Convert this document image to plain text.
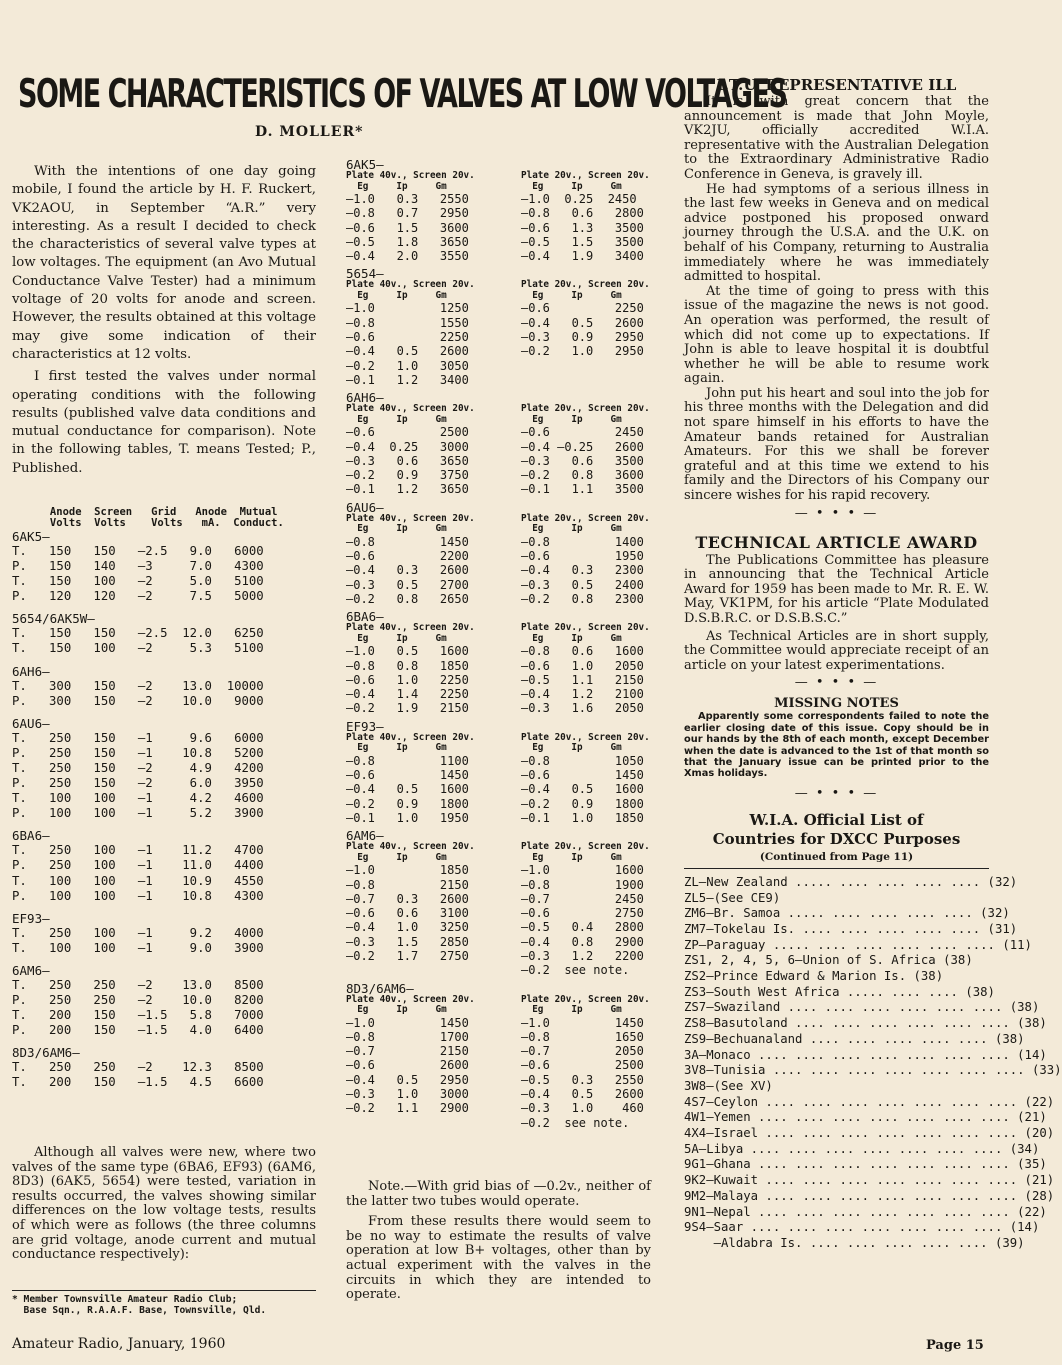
SOME CHARACTERISTICS OF VALVES AT LOW VOLTAGES
D. MOLLER*

With the intentions of one day going mobile, I found the article by H. F. Ruckert, VK2AOU, in September “A.R.” very interesting. As a result I decided to check the characteristics of several valve types at low voltages. The equipment (an Avo Mutual Conductance Valve Tester) had a minimum voltage of 20 volts for anode and screen. However, the results obtained at this voltage may give some indication of their characteristics at 12 volts.

I first tested the valves under normal operating conditions with the following results (published valve data conditions and mutual conductance for comparison). Note in the following tables, T. means Tested; P., Published.

Anode  Screen   Grid   Anode  Mutual
Volts  Volts    Volts   mA.  Conduct.
6AK5—
T.   150   150   —2.5   9.0   6000
P.   150   140   —3     7.0   4300
T.   150   100   —2     5.0   5100
P.   120   120   —2     7.5   5000
5654/6AK5W—
T.   150   150   —2.5  12.0   6250
T.   150   100   —2     5.3   5100
6AH6—
T.   300   150   —2    13.0  10000
P.   300   150   —2    10.0   9000
6AU6—
T.   250   150   —1     9.6   6000
P.   250   150   —1    10.8   5200
T.   250   150   —2     4.9   4200
P.   250   150   —2     6.0   3950
T.   100   100   —1     4.2   4600
P.   100   100   —1     5.2   3900
6BA6—
T.   250   100   —1    11.2   4700
P.   250   100   —1    11.0   4400
T.   100   100   —1    10.9   4550
P.   100   100   —1    10.8   4300
EF93—
T.   250   100   —1     9.2   4000
T.   100   100   —1     9.0   3900
6AM6—
T.   250   250   —2    13.0   8500
P.   250   250   —2    10.0   8200
T.   200   150   —1.5   5.8   7000
P.   200   150   —1.5   4.0   6400
8D3/6AM6—
T.   250   250   —2    12.3   8500
T.   200   150   —1.5   4.5   6600

Although all valves were new, where two valves of the same type (6BA6, EF93) (6AM6, 8D3) (6AK5, 5654) were tested, variation in results occurred, the valves showing similar differences on the low voltage tests, results of which were as follows (the three columns are grid voltage, anode current and mutual conductance respectively):

* Member Townsville Amateur Radio Club;
Base Sqn., R.A.A.F. Base, Townsville, Qld.
6AK5—
Plate 40v., Screen 20v.
Eg     Ip     Gm
—1.0   0.3   2550
—0.8   0.7   2950
—0.6   1.5   3600
—0.5   1.8   3650
—0.4   2.0   3550
Plate 20v., Screen 20v.
Eg     Ip     Gm
—1.0  0.25  2450
—0.8   0.6   2800
—0.6   1.3   3500
—0.5   1.5   3500
—0.4   1.9   3400
5654—
Plate 40v., Screen 20v.
Eg     Ip     Gm
—1.0         1250
—0.8         1550
—0.6         2250
—0.4   0.5   2600
—0.2   1.0   3050
—0.1   1.2   3400
Plate 20v., Screen 20v.
Eg     Ip     Gm
—0.6         2250
—0.4   0.5   2600
—0.3   0.9   2950
—0.2   1.0   2950
6AH6—
Plate 40v., Screen 20v.
Eg     Ip     Gm
—0.6         2500
—0.4  0.25   3000
—0.3   0.6   3650
—0.2   0.9   3750
—0.1   1.2   3650
Plate 20v., Screen 20v.
Eg     Ip     Gm
—0.6         2450
—0.4 —0.25   2600
—0.3   0.6   3500
—0.2   0.8   3600
—0.1   1.1   3500
6AU6—
Plate 40v., Screen 20v.
Eg     Ip     Gm
—0.8         1450
—0.6         2200
—0.4   0.3   2600
—0.3   0.5   2700
—0.2   0.8   2650
Plate 20v., Screen 20v.
Eg     Ip     Gm
—0.8         1400
—0.6         1950
—0.4   0.3   2300
—0.3   0.5   2400
—0.2   0.8   2300
6BA6—
Plate 40v., Screen 20v.
Eg     Ip     Gm
—1.0   0.5   1600
—0.8   0.8   1850
—0.6   1.0   2250
—0.4   1.4   2250
—0.2   1.9   2150
Plate 20v., Screen 20v.
Eg     Ip     Gm
—0.8   0.6   1600
—0.6   1.0   2050
—0.5   1.1   2150
—0.4   1.2   2100
—0.3   1.6   2050
EF93—
Plate 40v., Screen 20v.
Eg     Ip     Gm
—0.8         1100
—0.6         1450
—0.4   0.5   1600
—0.2   0.9   1800
—0.1   1.0   1950
Plate 20v., Screen 20v.
Eg     Ip     Gm
—0.8         1050
—0.6         1450
—0.4   0.5   1600
—0.2   0.9   1800
—0.1   1.0   1850
6AM6—
Plate 40v., Screen 20v.
Eg     Ip     Gm
—1.0         1850
—0.8         2150
—0.7   0.3   2600
—0.6   0.6   3100
—0.4   1.0   3250
—0.3   1.5   2850
—0.2   1.7   2750
Plate 20v., Screen 20v.
Eg     Ip     Gm
—1.0         1600
—0.8         1900
—0.7         2450
—0.6         2750
—0.5   0.4   2800
—0.4   0.8   2900
—0.3   1.2   2200
—0.2  see note.
8D3/6AM6—
Plate 40v., Screen 20v.
Eg     Ip     Gm
—1.0         1450
—0.8         1700
—0.7         2150
—0.6         2600
—0.4   0.5   2950
—0.3   1.0   3000
—0.2   1.1   2900
Plate 20v., Screen 20v.
Eg     Ip     Gm
—1.0         1450
—0.8         1650
—0.7         2050
—0.6         2500
—0.5   0.3   2550
—0.4   0.5   2600
—0.3   1.0    460
—0.2  see note.

Note.—With grid bias of —0.2v., neither of the latter two tubes would operate.

From these results there would seem to be no way to estimate the results of valve operation at low B+ voltages, other than by actual experiment with the valves in the circuits in which they are intended to operate.

I.T.U. REPRESENTATIVE ILL

It is with great concern that the announcement is made that John Moyle, VK2JU, officially accredited W.I.A. representative with the Australian Delegation to the Extraordinary Administrative Radio Conference in Geneva, is gravely ill.

He had symptoms of a serious illness in the last few weeks in Geneva and on medical advice postponed his proposed onward journey through the U.S.A. and the U.K. on behalf of his Company, returning to Australia immediately where he was immediately admitted to hospital.

At the time of going to press with this issue of the magazine the news is not good. An operation was performed, the result of which did not come up to expectations. If John is able to leave hospital it is doubtful whether he will be able to resume work again.

John put his heart and soul into the job for his three months with the Delegation and did not spare himself in his efforts to have the Amateur bands retained for Australian Amateurs. For this we shall be forever grateful and at this time we extend to his family and the Directors of his Company our sincere wishes for his rapid recovery.

— • • • —
TECHNICAL ARTICLE AWARD

The Publications Committee has pleasure in announcing that the Technical Article Award for 1959 has been made to Mr. R. E. W. May, VK1PM, for his article “Plate Modulated D.S.B.R.C. or D.S.B.S.C.”

As Technical Articles are in short supply, the Committee would appreciate receipt of an article on your latest experimentations.

— • • • —
MISSING NOTES

Apparently some correspondents failed to note the earlier closing date of this issue. Copy should be in our hands by the 8th of each month, except December when the date is advanced to the 1st of that month so that the January issue can be printed prior to the Xmas holidays.

— • • • —
W.I.A. Official List of Countries for DXCC Purposes
(Continued from Page 11)
ZL—New Zealand ..... .... .... .... .... (32)
ZL5—(See CE9)
ZM6—Br. Samoa ..... .... .... .... .... (32)
ZM7—Tokelau Is. .... .... .... .... .... (31)
ZP—Paraguay ..... .... .... .... .... .... (11)
ZS1, 2, 4, 5, 6—Union of S. Africa (38)
ZS2—Prince Edward & Marion Is. (38)
ZS3—South West Africa ..... .... .... (38)
ZS7—Swaziland .... .... .... .... .... .... (38)
ZS8—Basutoland .... .... .... .... .... .... (38)
ZS9—Bechuanaland .... .... .... .... .... (38)
3A—Monaco .... .... .... .... .... .... .... (14)
3V8—Tunisia .... .... .... .... .... .... .... (33)
3W8—(See XV)
4S7—Ceylon .... .... .... .... .... .... .... (22)
4W1—Yemen .... .... .... .... .... .... .... (21)
4X4—Israel .... .... .... .... .... .... .... (20)
5A—Libya .... .... .... .... .... .... .... (34)
9G1—Ghana .... .... .... .... .... .... .... (35)
9K2—Kuwait .... .... .... .... .... .... .... (21)
9M2—Malaya .... .... .... .... .... .... .... (28)
9N1—Nepal .... .... .... .... .... .... .... (22)
9S4—Saar .... .... .... .... .... .... .... (14)
—Aldabra Is. .... .... .... .... .... (39)
Amateur Radio, January, 1960	Page 15
